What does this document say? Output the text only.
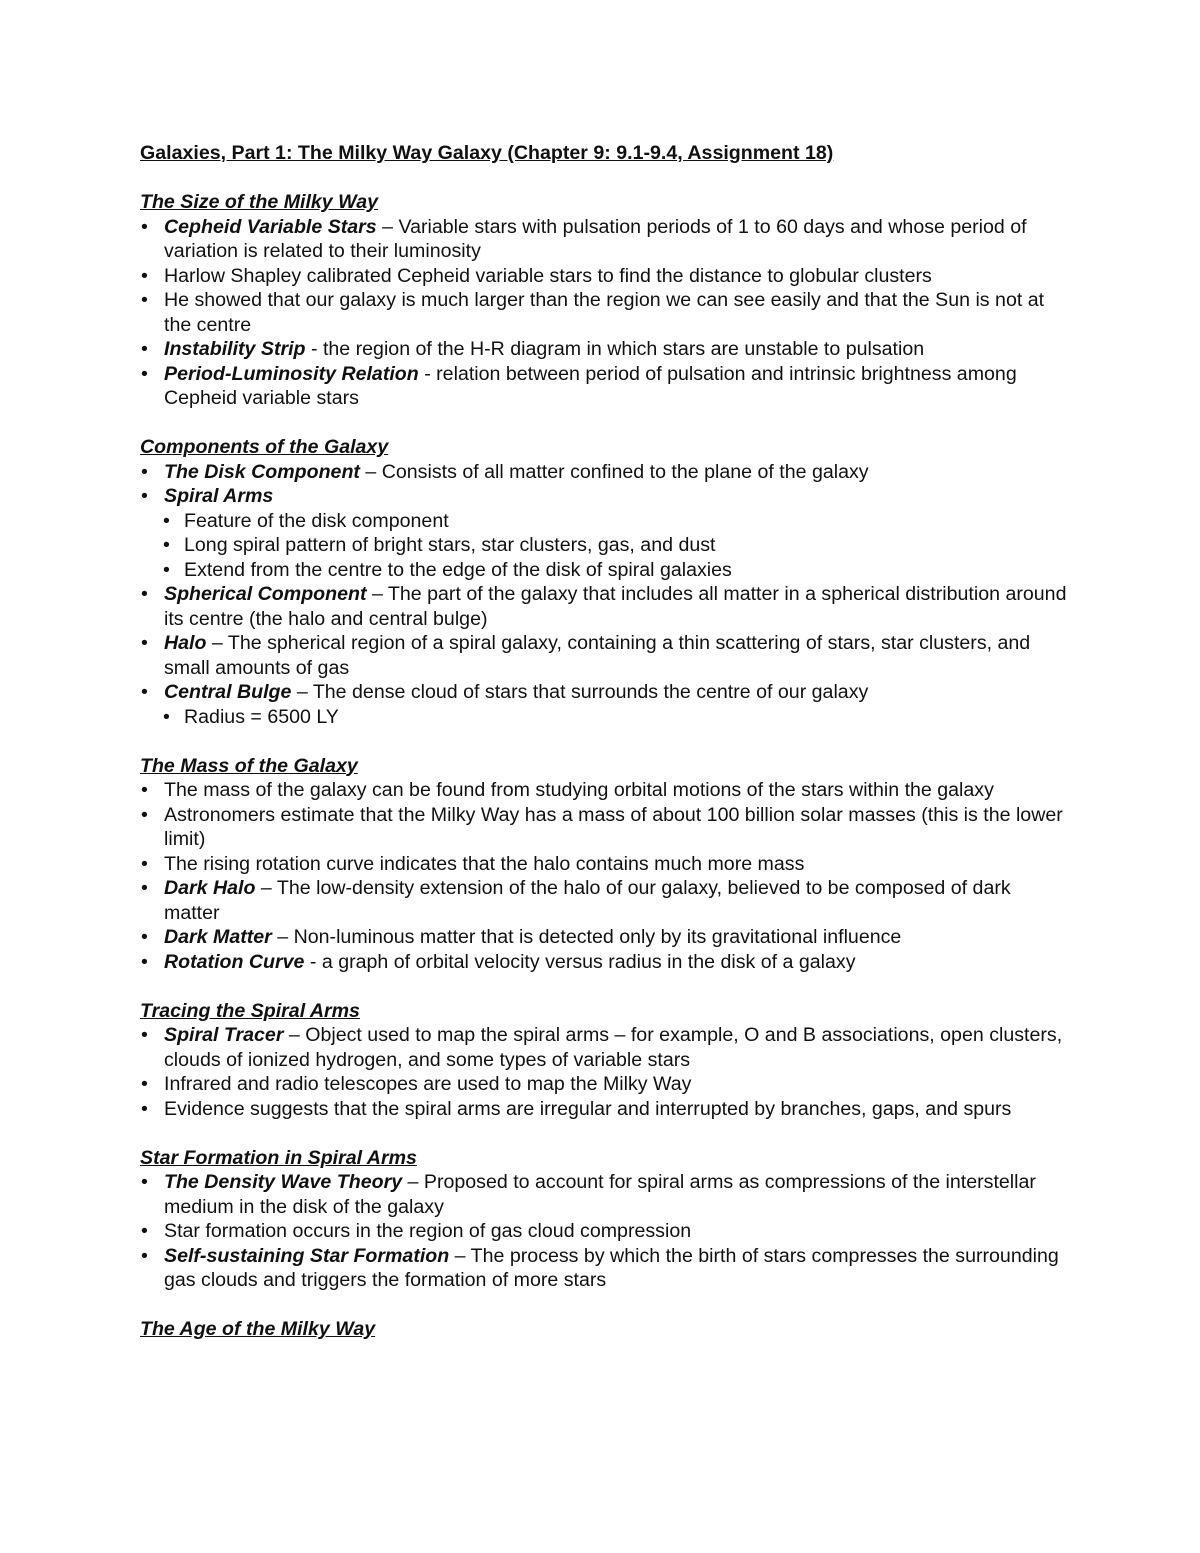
Galaxies, Part 1: The Milky Way Galaxy (Chapter 9: 9.1-9.4, Assignment 18)
The Size of the Milky Way
• Cepheid Variable Stars – Variable stars with pulsation periods of 1 to 60 days and whose period of variation is related to their luminosity
• Harlow Shapley calibrated Cepheid variable stars to find the distance to globular clusters
• He showed that our galaxy is much larger than the region we can see easily and that the Sun is not at the centre
• Instability Strip - the region of the H-R diagram in which stars are unstable to pulsation
• Period-Luminosity Relation - relation between period of pulsation and intrinsic brightness among Cepheid variable stars
Components of the Galaxy
• The Disk Component – Consists of all matter confined to the plane of the galaxy
• Spiral Arms
• Feature of the disk component
• Long spiral pattern of bright stars, star clusters, gas, and dust
• Extend from the centre to the edge of the disk of spiral galaxies
• Spherical Component – The part of the galaxy that includes all matter in a spherical distribution around its centre (the halo and central bulge)
• Halo – The spherical region of a spiral galaxy, containing a thin scattering of stars, star clusters, and small amounts of gas
• Central Bulge – The dense cloud of stars that surrounds the centre of our galaxy
• Radius = 6500 LY
The Mass of the Galaxy
• The mass of the galaxy can be found from studying orbital motions of the stars within the galaxy
• Astronomers estimate that the Milky Way has a mass of about 100 billion solar masses (this is the lower limit)
• The rising rotation curve indicates that the halo contains much more mass
• Dark Halo – The low-density extension of the halo of our galaxy, believed to be composed of dark matter
• Dark Matter – Non-luminous matter that is detected only by its gravitational influence
• Rotation Curve - a graph of orbital velocity versus radius in the disk of a galaxy
Tracing the Spiral Arms
• Spiral Tracer – Object used to map the spiral arms – for example, O and B associations, open clusters, clouds of ionized hydrogen, and some types of variable stars
• Infrared and radio telescopes are used to map the Milky Way
• Evidence suggests that the spiral arms are irregular and interrupted by branches, gaps, and spurs
Star Formation in Spiral Arms
• The Density Wave Theory – Proposed to account for spiral arms as compressions of the interstellar medium in the disk of the galaxy
• Star formation occurs in the region of gas cloud compression
• Self-sustaining Star Formation – The process by which the birth of stars compresses the surrounding gas clouds and triggers the formation of more stars
The Age of the Milky Way
